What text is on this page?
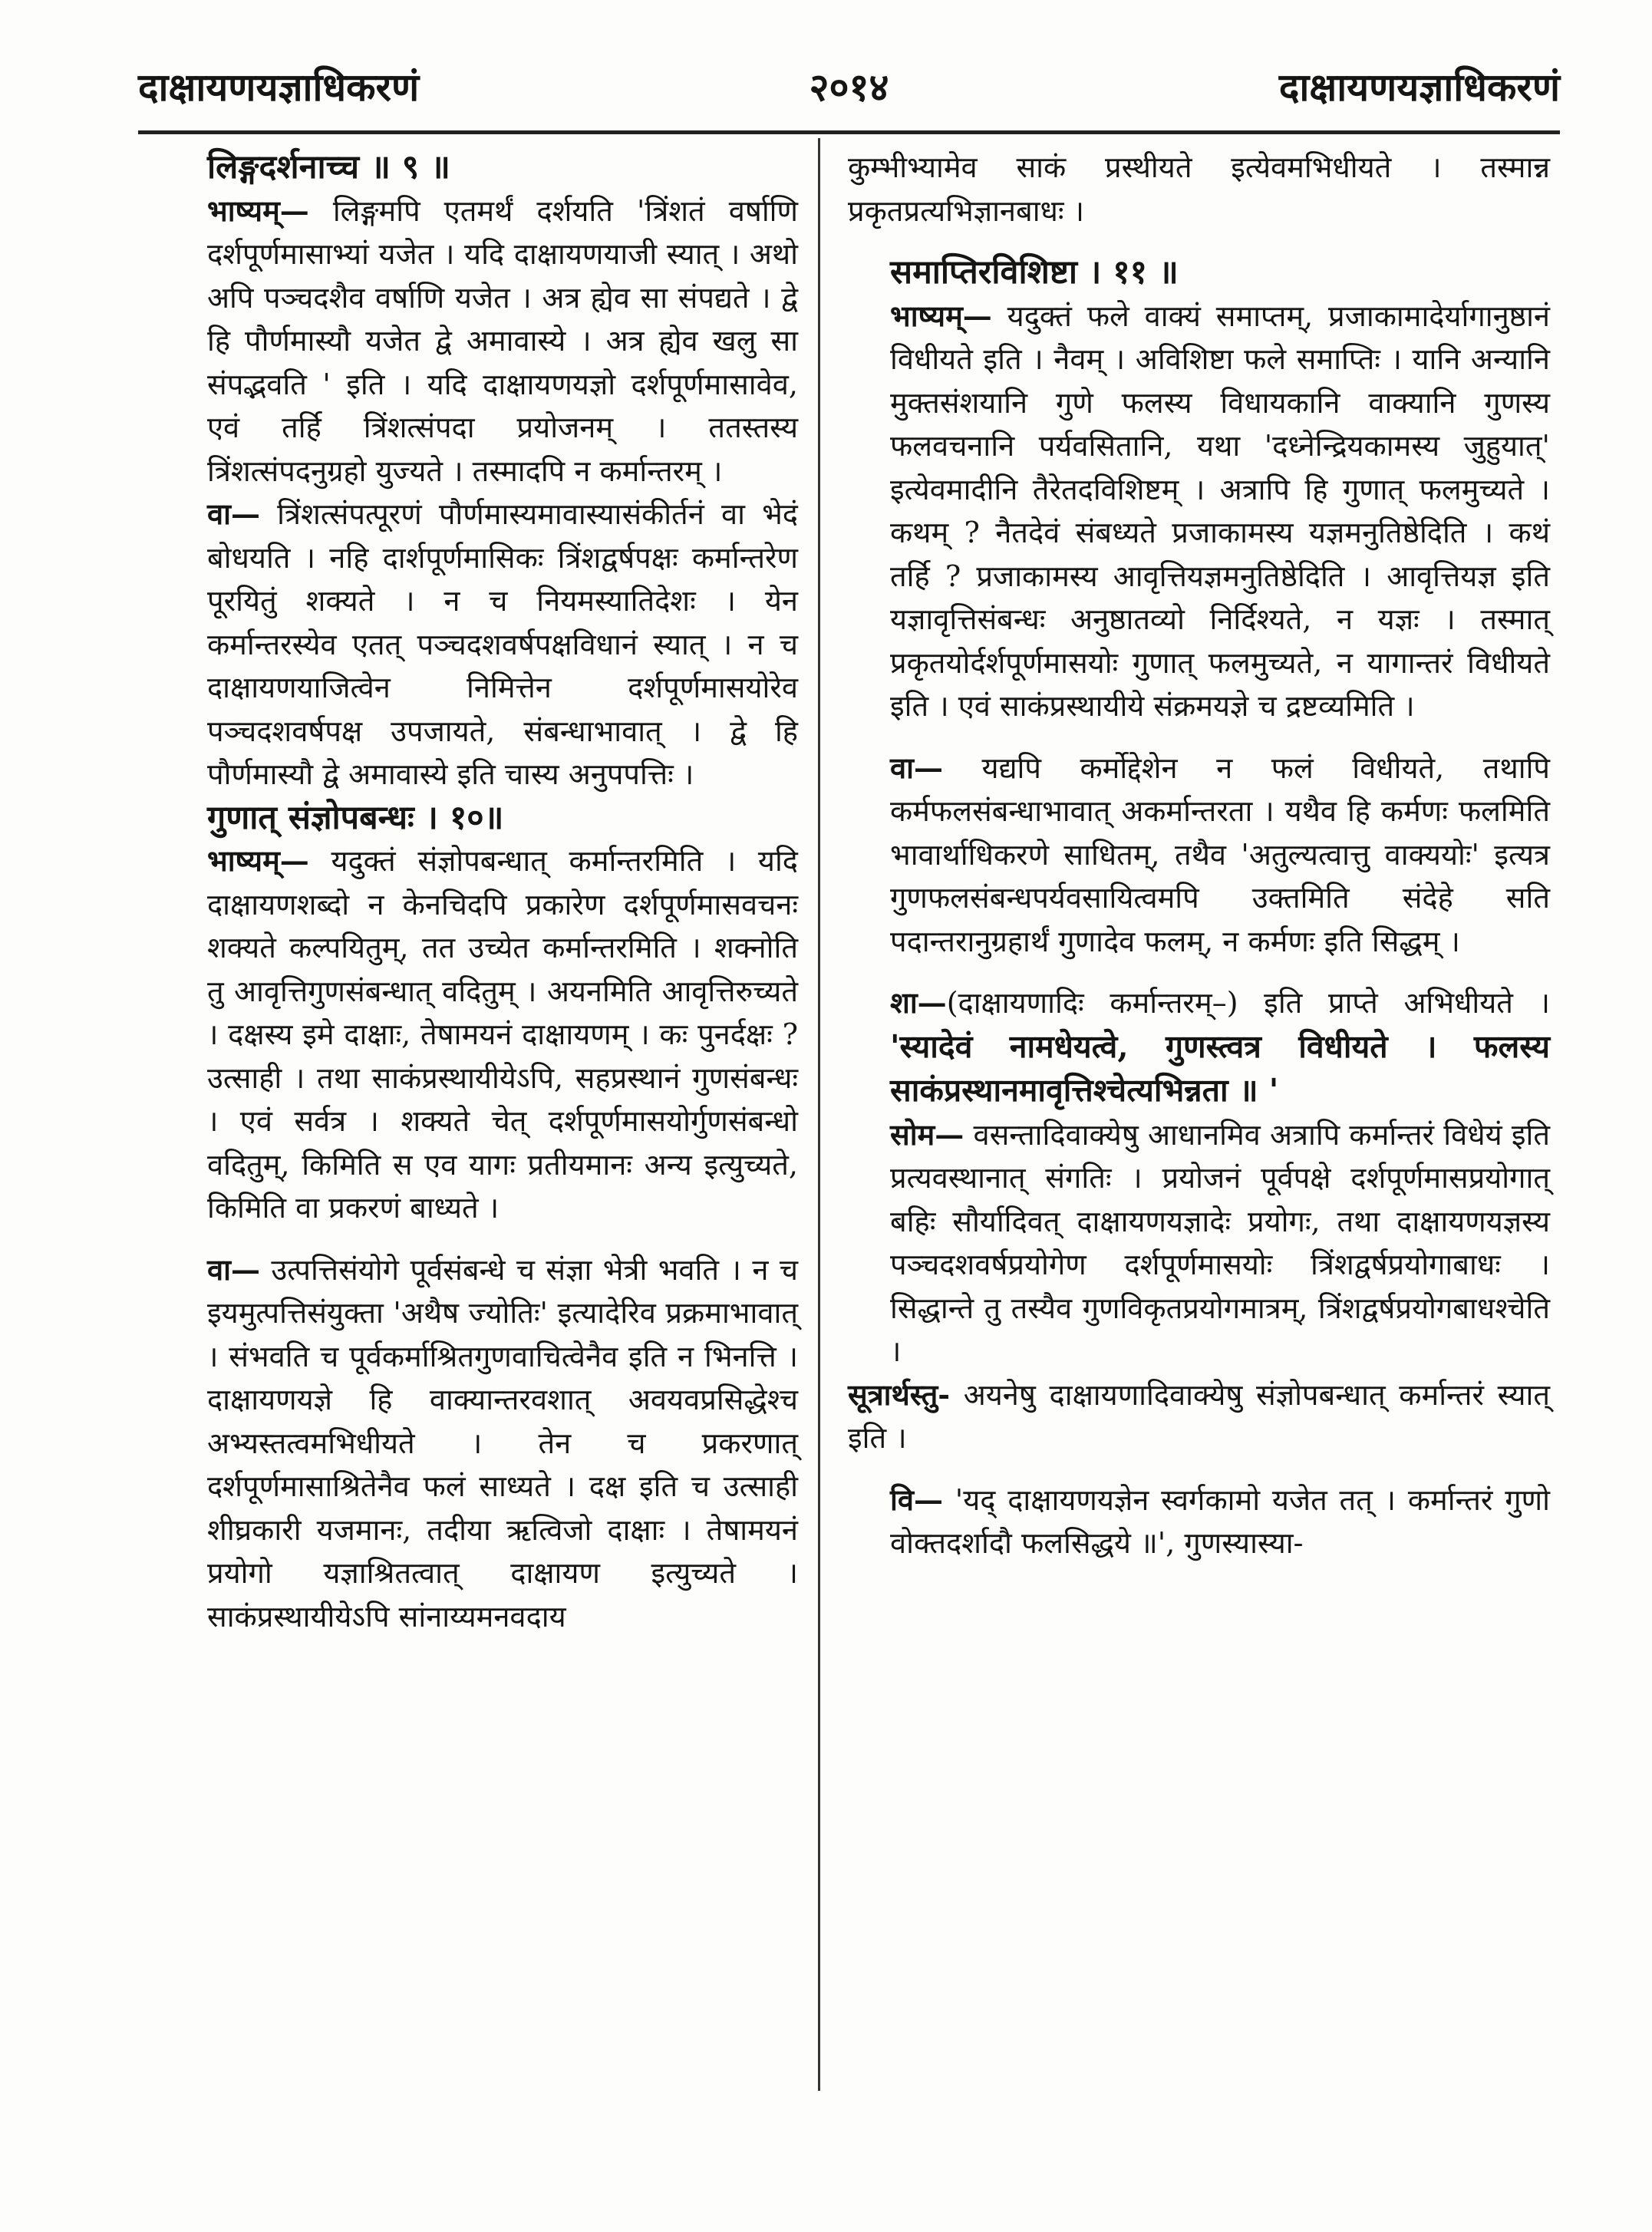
दाक्षायणयज्ञाधिकरणं	२०१४	दाक्षायणयज्ञाधिकरणं

लिङ्गदर्शनाच्च ॥ ९ ॥

भाष्यम्— लिङ्गमपि एतमर्थं दर्शयति 'त्रिंशतं वर्षाणि दर्शपूर्णमासाभ्यां यजेत । यदि दाक्षायणयाजी स्यात् । अथो अपि पञ्चदशैव वर्षाणि यजेत । अत्र ह्येव सा संपद्यते । द्वे हि पौर्णमास्यौ यजेत द्वे अमावास्ये । अत्र ह्येव खलु सा संपद्भवति ' इति । यदि दाक्षायणयज्ञो दर्शपूर्णमासावेव, एवं तर्हि त्रिंशत्संपदा प्रयोजनम् । ततस्तस्य त्रिंशत्संपदनुग्रहो युज्यते । तस्मादपि न कर्मान्तरम् ।

वा— त्रिंशत्संपत्पूरणं पौर्णमास्यमावास्यासंकीर्तनं वा भेदं बोधयति । नहि दार्शपूर्णमासिकः त्रिंशद्वर्षपक्षः कर्मान्तरेण पूरयितुं शक्यते । न च नियमस्यातिदेशः । येन कर्मान्तरस्येव एतत् पञ्चदशवर्षपक्षविधानं स्यात् । न च दाक्षायणयाजित्वेन निमित्तेन दर्शपूर्णमासयोरेव पञ्चदशवर्षपक्ष उपजायते, संबन्धाभावात् । द्वे हि पौर्णमास्यौ द्वे अमावास्ये इति चास्य अनुपपत्तिः ।

गुणात् संज्ञोपबन्धः । १०॥

भाष्यम्— यदुक्तं संज्ञोपबन्धात् कर्मान्तरमिति । यदि दाक्षायणशब्दो न केनचिदपि प्रकारेण दर्शपूर्णमासवचनः शक्यते कल्पयितुम्, तत उच्येत कर्मान्तरमिति । शक्नोति तु आवृत्तिगुणसंबन्धात् वदितुम् । अयनमिति आवृत्तिरुच्यते । दक्षस्य इमे दाक्षाः, तेषामयनं दाक्षायणम् । कः पुनर्दक्षः ? उत्साही । तथा साकंप्रस्थायीयेऽपि, सहप्रस्थानं गुणसंबन्धः । एवं सर्वत्र । शक्यते चेत् दर्शपूर्णमासयोर्गुणसंबन्धो वदितुम्, किमिति स एव यागः प्रतीयमानः अन्य इत्युच्यते, किमिति वा प्रकरणं बाध्यते ।

वा— उत्पत्तिसंयोगे पूर्वसंबन्धे च संज्ञा भेत्री भवति । न च इयमुत्पत्तिसंयुक्ता 'अथैष ज्योतिः' इत्यादेरिव प्रक्रमाभावात् । संभवति च पूर्वकर्माश्रितगुणवाचित्वेनैव इति न भिनत्ति । दाक्षायणयज्ञे हि वाक्यान्तरवशात् अवयवप्रसिद्धेश्च अभ्यस्तत्वमभिधीयते । तेन च प्रकरणात् दर्शपूर्णमासाश्रितेनैव फलं साध्यते । दक्ष इति च उत्साही शीघ्रकारी यजमानः, तदीया ऋत्विजो दाक्षाः । तेषामयनं प्रयोगो यज्ञाश्रितत्वात् दाक्षायण इत्युच्यते । साकंप्रस्थायीयेऽपि सांनाय्यमनवदाय

कुम्भीभ्यामेव साकं प्रस्थीयते इत्येवमभिधीयते । तस्मान्न प्रकृतप्रत्यभिज्ञानबाधः ।

समाप्तिरविशिष्टा । ११ ॥

भाष्यम्— यदुक्तं फले वाक्यं समाप्तम्, प्रजाकामादेर्यागानुष्ठानं विधीयते इति । नैवम् । अविशिष्टा फले समाप्तिः । यानि अन्यानि मुक्तसंशयानि गुणे फलस्य विधायकानि वाक्यानि गुणस्य फलवचनानि पर्यवसितानि, यथा 'दध्नेन्द्रियकामस्य जुहुयात्' इत्येवमादीनि तैरेतदविशिष्टम् । अत्रापि हि गुणात् फलमुच्यते । कथम् ? नैतदेवं संबध्यते प्रजाकामस्य यज्ञमनुतिष्ठेदिति । कथं तर्हि ? प्रजाकामस्य आवृत्तियज्ञमनुतिष्ठेदिति । आवृत्तियज्ञ इति यज्ञावृत्तिसंबन्धः अनुष्ठातव्यो निर्दिश्यते, न यज्ञः । तस्मात् प्रकृतयोर्दर्शपूर्णमासयोः गुणात् फलमुच्यते, न यागान्तरं विधीयते इति । एवं साकंप्रस्थायीये संक्रमयज्ञे च द्रष्टव्यमिति ।

वा— यद्यपि कर्मोद्देशेन न फलं विधीयते, तथापि कर्मफलसंबन्धाभावात् अकर्मान्तरता । यथैव हि कर्मणः फलमिति भावार्थाधिकरणे साधितम्, तथैव 'अतुल्यत्वात्तु वाक्ययोः' इत्यत्र गुणफलसंबन्धपर्यवसायित्वमपि उक्तमिति संदेहे सति पदान्तरानुग्रहार्थं गुणादेव फलम्, न कर्मणः इति सिद्धम् ।

शा—(दाक्षायणादिः कर्मान्तरम्–) इति प्राप्ते अभिधीयते । 'स्यादेवं नामधेयत्वे, गुणस्त्वत्र विधीयते । फलस्य साकंप्रस्थानमावृत्तिश्चेत्यभिन्नता ॥ '

सोम— वसन्तादिवाक्येषु आधानमिव अत्रापि कर्मान्तरं विधेयं इति प्रत्यवस्थानात् संगतिः । प्रयोजनं पूर्वपक्षे दर्शपूर्णमासप्रयोगात् बहिः सौर्यादिवत् दाक्षायणयज्ञादेः प्रयोगः, तथा दाक्षायणयज्ञस्य पञ्चदशवर्षप्रयोगेण दर्शपूर्णमासयोः त्रिंशद्वर्षप्रयोगाबाधः । सिद्धान्ते तु तस्यैव गुणविकृतप्रयोगमात्रम्, त्रिंशद्वर्षप्रयोगबाधश्चेति ।

सूत्रार्थस्तु- अयनेषु दाक्षायणादिवाक्येषु संज्ञोपबन्धात् कर्मान्तरं स्यात् इति ।

वि— 'यद् दाक्षायणयज्ञेन स्वर्गकामो यजेत तत् । कर्मान्तरं गुणो वोक्तदर्शादौ फलसिद्धये ॥', गुणस्यास्या-
